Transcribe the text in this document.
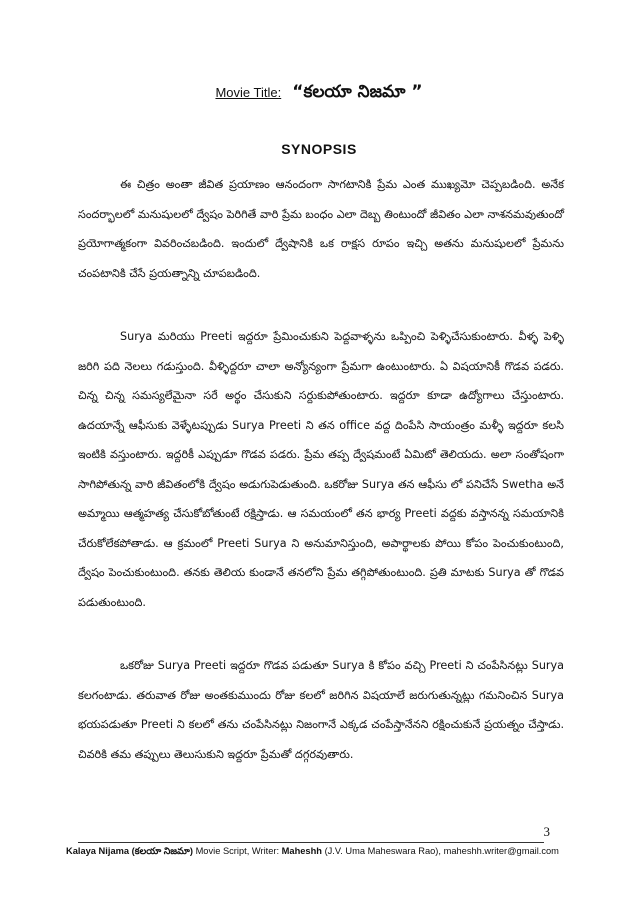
Movie Title: “కలయా నిజమా ”
SYNOPSIS

ఈ చిత్రం అంతా జీవిత ప్రయాణం ఆనందంగా సాగటానికి ప్రేమ ఎంత ముఖ్యమో చెప్పబడింది. అనేక సందర్భాలలో మనుషులలో ద్వేషం పెరిగితే వారి ప్రేమ బంధం ఎలా దెబ్బ తింటుందో జీవితం ఎలా నాశనమవుతుందో ప్రయోగాత్మకంగా వివరించబడింది. ఇందులో ద్వేషానికి ఒక రాక్షస రూపం ఇచ్చి అతను మనుషులలో ప్రేమను చంపటానికి చేసే ప్రయత్నాన్ని చూపబడింది.

Surya మరియు Preeti ఇద్దరూ ప్రేమించుకుని పెద్దవాళ్ళను ఒప్పించి పెళ్ళిచేసుకుంటారు. వీళ్ళ పెళ్ళి జరిగి పది నెలలు గడుస్తుంది. వీళ్ళిద్దరూ చాలా అన్యోన్యంగా ప్రేమగా ఉంటుంటారు. ఏ విషయానికీ గొడవ పడరు. చిన్న చిన్న సమస్యలేమైనా సరే అర్థం చేసుకుని సర్దుకుపోతుంటారు. ఇద్దరూ కూడా ఉద్యోగాలు చేస్తుంటారు. ఉదయాన్నే ఆఫీసుకు వెళ్ళేటప్పుడు Surya Preeti ని తన office వద్ద దింపేసి సాయంత్రం మళ్ళీ ఇద్దరూ కలసి ఇంటికి వస్తుంటారు. ఇద్దరికీ ఎప్పుడూ గొడవ పడరు. ప్రేమ తప్ప ద్వేషమంటే ఏమిటో తెలియదు. అలా సంతోషంగా సాగిపోతున్న వారి జీవితంలోకి ద్వేషం అడుగుపెడుతుంది. ఒకరోజు Surya తన ఆఫీసు లో పనిచేసే Swetha అనే అమ్మాయి ఆత్మహత్య చేసుకోబోతుంటే రక్షిస్తాడు. ఆ సమయంలో తన భార్య Preeti వద్దకు వస్తానన్న సమయానికి చేరుకోలేకపోతాడు. ఆ క్రమంలో Preeti Surya ని అనుమానిస్తుంది, అపార్థాలకు పోయి కోపం పెంచుకుంటుంది, ద్వేషం పెంచుకుంటుంది. తనకు తెలియ కుండానే తనలోని ప్రేమ తగ్గిపోతుంటుంది. ప్రతి మాటకు Surya తో గొడవ పడుతుంటుంది.

ఒకరోజు Surya Preeti ఇద్దరూ గొడవ పడుతూ Surya కి కోపం వచ్చి Preeti ని చంపేసినట్లు Surya కలగంటాడు. తరువాత రోజు అంతకుముందు రోజు కలలో జరిగిన విషయాలే జరుగుతున్నట్లు గమనించిన Surya భయపడుతూ Preeti ని కలలో తను చంపేసినట్లు నిజంగానే ఎక్కడ చంపేస్తానేనని రక్షించుకునే ప్రయత్నం చేస్తాడు. చివరికి తమ తప్పులు తెలుసుకుని ఇద్దరూ ప్రేమతో దగ్గరవుతారు.

3
Kalaya Nijama (కలయా నిజమా) Movie Script, Writer: Maheshh (J.V. Uma Maheswara Rao), maheshh.writer@gmail.com
